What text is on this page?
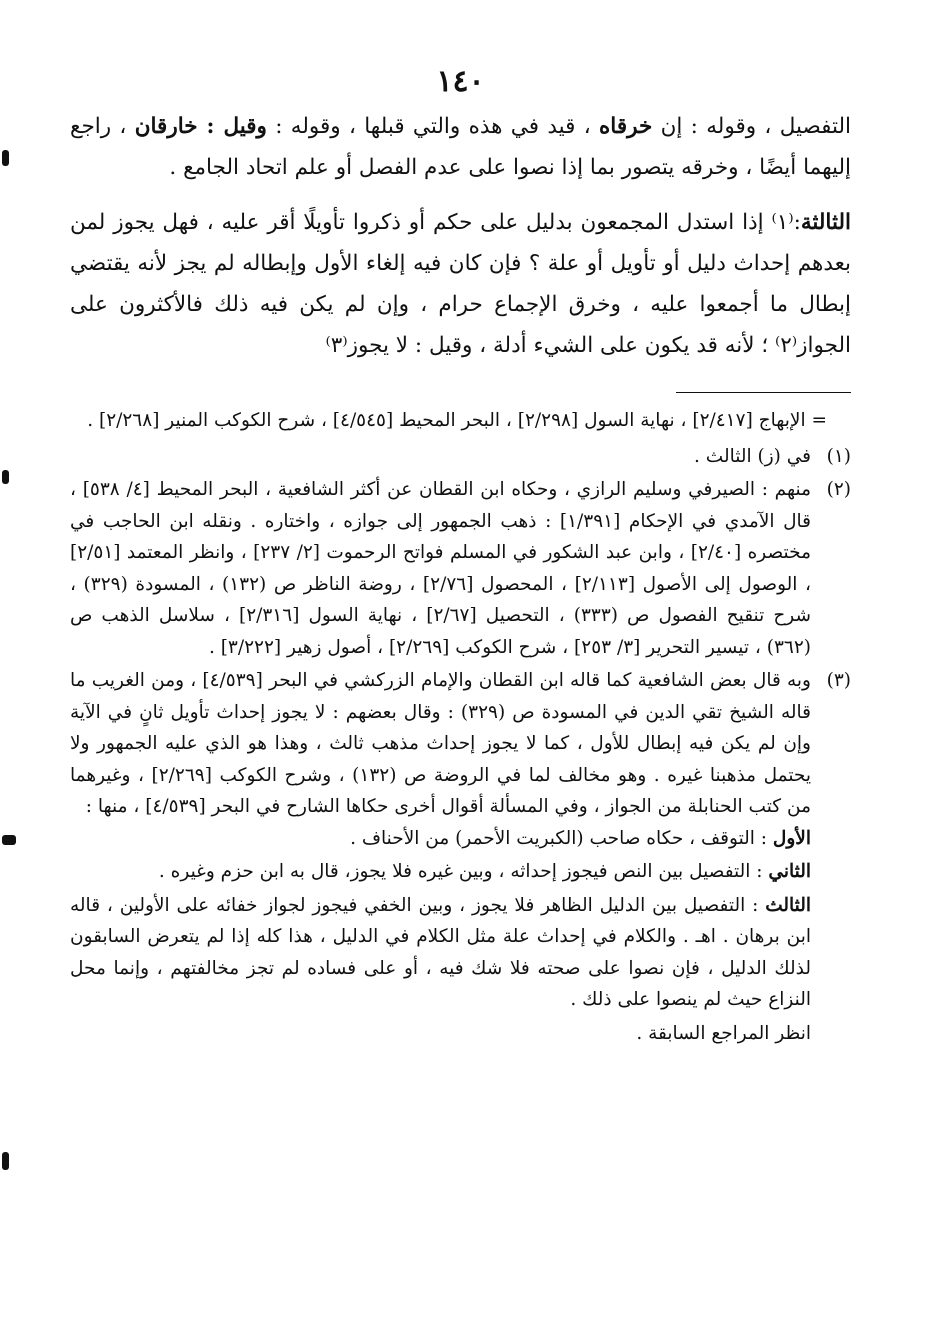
١٤٠

التفصيل ، وقوله : إن خرقاه ، قيد في هذه والتي قبلها ، وقوله : وقيل : خارقان ، راجع إليهما أيضًا ، وخرقه يتصور بما إذا نصوا على عدم الفصل أو علم اتحاد الجامع .

الثالثة:⁽١⁾ إذا استدل المجمعون بدليل على حكم أو ذكروا تأويلًا أقر عليه ، فهل يجوز لمن بعدهم إحداث دليل أو تأويل أو علة ؟ فإن كان فيه إلغاء الأول وإبطاله لم يجز لأنه يقتضي إبطال ما أجمعوا عليه ، وخرق الإجماع حرام ، وإن لم يكن فيه ذلك فالأكثرون على الجواز⁽٢⁾ ؛ لأنه قد يكون على الشيء أدلة ، وقيل : لا يجوز⁽٣⁾

= الإبهاج [٢/٤١٧] ، نهاية السول [٢/٢٩٨] ، البحر المحيط [٤/٥٤٥] ، شرح الكوكب المنير [٢/٢٦٨] .
(١)
في (ز) الثالث .
(٢)
منهم : الصيرفي وسليم الرازي ، وحكاه ابن القطان عن أكثر الشافعية ، البحر المحيط [٤/ ٥٣٨] ، قال الآمدي في الإحكام [١/٣٩١] : ذهب الجمهور إلى جوازه ، واختاره . ونقله ابن الحاجب في مختصره [٢/٤٠] ، وابن عبد الشكور في المسلم فواتح الرحموت [٢/ ٢٣٧] ، وانظر المعتمد [٢/٥١] ، الوصول إلى الأصول [٢/١١٣] ، المحصول [٢/٧٦] ، روضة الناظر ص (١٣٢) ، المسودة (٣٢٩) ، شرح تنقيح الفصول ص (٣٣٣) ، التحصيل [٢/٦٧] ، نهاية السول [٢/٣١٦] ، سلاسل الذهب ص (٣٦٢) ، تيسير التحرير [٣/ ٢٥٣] ، شرح الكوكب [٢/٢٦٩] ، أصول زهير [٣/٢٢٢] .
(٣)
وبه قال بعض الشافعية كما قاله ابن القطان والإمام الزركشي في البحر [٤/٥٣٩] ، ومن الغريب ما قاله الشيخ تقي الدين في المسودة ص (٣٢٩) : وقال بعضهم : لا يجوز إحداث تأويل ثانٍ في الآية وإن لم يكن فيه إبطال للأول ، كما لا يجوز إحداث مذهب ثالث ، وهذا هو الذي عليه الجمهور ولا يحتمل مذهبنا غيره . وهو مخالف لما في الروضة ص (١٣٢) ، وشرح الكوكب [٢/٢٦٩] ، وغيرهما من كتب الحنابلة من الجواز ، وفي المسألة أقوال أخرى حكاها الشارح في البحر [٤/٥٣٩] ، منها :
الأول : التوقف ، حكاه صاحب (الكبريت الأحمر) من الأحناف .
الثاني : التفصيل بين النص فيجوز إحداثه ، وبين غيره فلا يجوز، قال به ابن حزم وغيره .
الثالث : التفصيل بين الدليل الظاهر فلا يجوز ، وبين الخفي فيجوز لجواز خفائه على الأولين ، قاله ابن برهان . اهـ . والكلام في إحداث علة مثل الكلام في الدليل ، هذا كله إذا لم يتعرض السابقون لذلك الدليل ، فإن نصوا على صحته فلا شك فيه ، أو على فساده لم تجز مخالفتهم ، وإنما محل النزاع حيث لم ينصوا على ذلك .
انظر المراجع السابقة .
